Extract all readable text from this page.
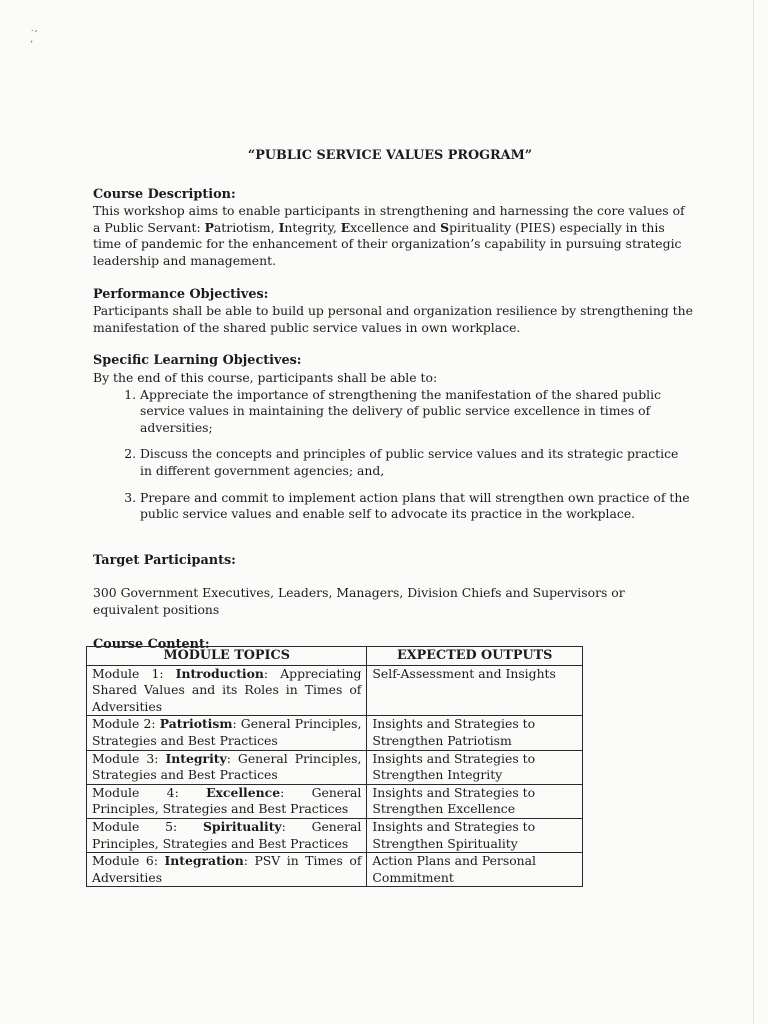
˙’
‘

“PUBLIC SERVICE VALUES PROGRAM”

Course Description:

This workshop aims to enable participants in strengthening and harnessing the core values of a Public Servant: Patriotism, Integrity, Excellence and Spirituality (PIES) especially in this time of pandemic for the enhancement of their organization’s capability in pursuing strategic leadership and management.

Performance Objectives:

Participants shall be able to build up personal and organization resilience by strengthening the manifestation of the shared public service values in own workplace.

Specific Learning Objectives:

By the end of this course, participants shall be able to:

1. Appreciate the importance of strengthening the manifestation of the shared public service values in maintaining the delivery of public service excellence in times of adversities;
2. Discuss the concepts and principles of public service values and its strategic practice in different government agencies; and,
3. Prepare and commit to implement action plans that will strengthen own practice of the public service values and enable self to advocate its practice in the workplace.

Target Participants:

300 Government Executives, Leaders, Managers, Division Chiefs and Supervisors or equivalent positions

Course Content:

MODULE TOPICS	EXPECTED OUTPUTS
Module 1: Introduction: Appreciating Shared Values and its Roles in Times of Adversities	Self-Assessment and Insights
Module 2: Patriotism: General Principles, Strategies and Best Practices	Insights and Strategies to Strengthen Patriotism
Module 3: Integrity: General Principles, Strategies and Best Practices	Insights and Strategies to Strengthen Integrity
Module 4: Excellence: General Principles, Strategies and Best Practices	Insights and Strategies to Strengthen Excellence
Module 5: Spirituality: General Principles, Strategies and Best Practices	Insights and Strategies to Strengthen Spirituality
Module 6: Integration: PSV in Times of Adversities	Action Plans and Personal Commitment
